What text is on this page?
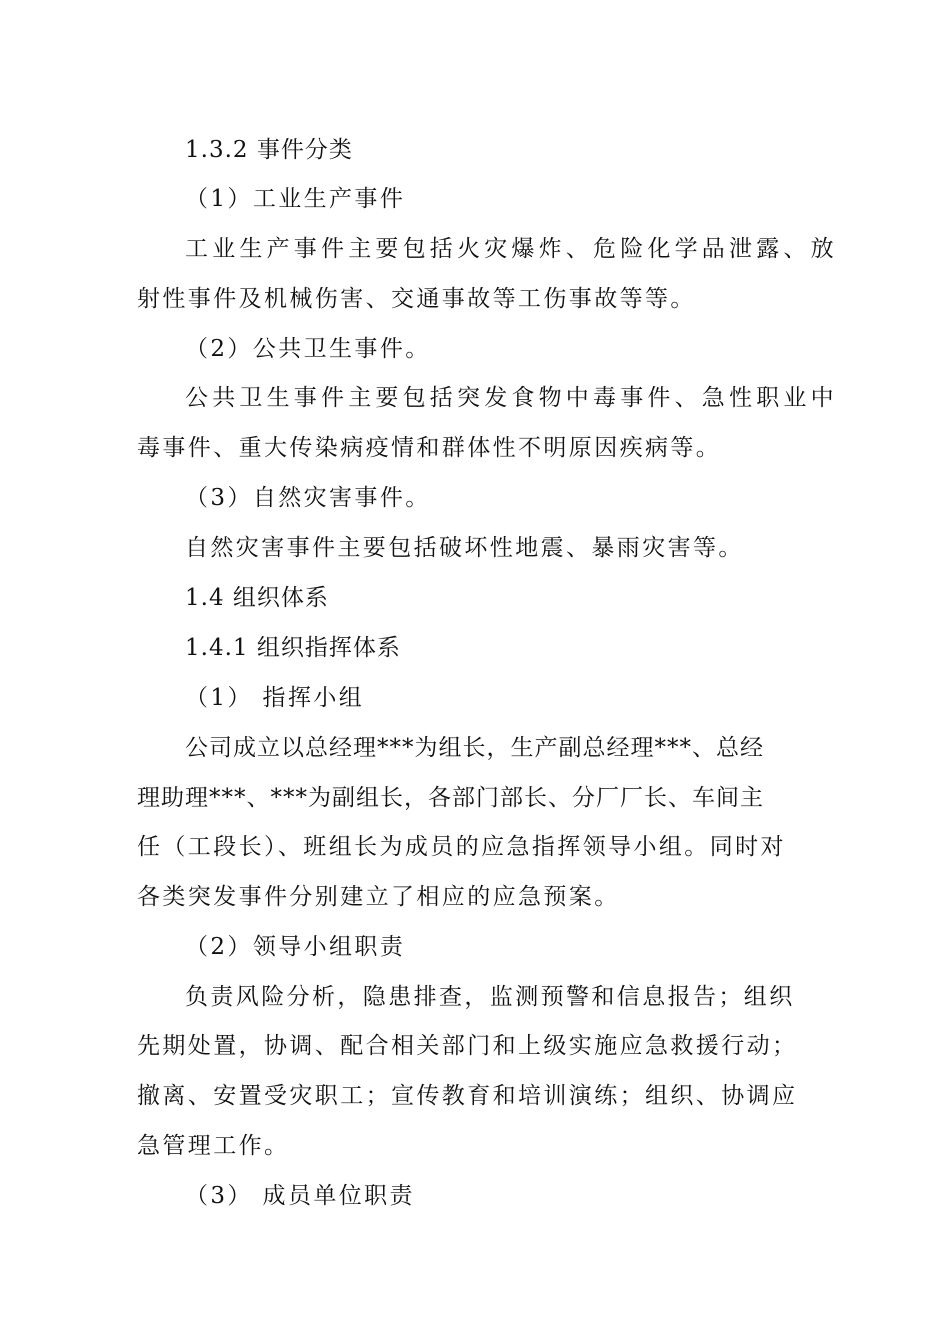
1.3.2 事件分类
（1）工业生产事件
工业生产事件主要包括火灾爆炸、危险化学品泄露、放
射性事件及机械伤害、交通事故等工伤事故等等。
（2）公共卫生事件。
公共卫生事件主要包括突发食物中毒事件、急性职业中
毒事件、重大传染病疫情和群体性不明原因疾病等。
（3）自然灾害事件。
自然灾害事件主要包括破坏性地震、暴雨灾害等。
1.4 组织体系
1.4.1 组织指挥体系
（1） 指挥小组
公司成立以总经理***为组长，生产副总经理***、总经
理助理***、***为副组长，各部门部长、分厂厂长、车间主
任（工段长）、班组长为成员的应急指挥领导小组。同时对
各类突发事件分别建立了相应的应急预案。
（2）领导小组职责
负责风险分析，隐患排查，监测预警和信息报告；组织
先期处置，协调、配合相关部门和上级实施应急救援行动；
撤离、安置受灾职工；宣传教育和培训演练；组织、协调应
急管理工作。
（3） 成员单位职责
